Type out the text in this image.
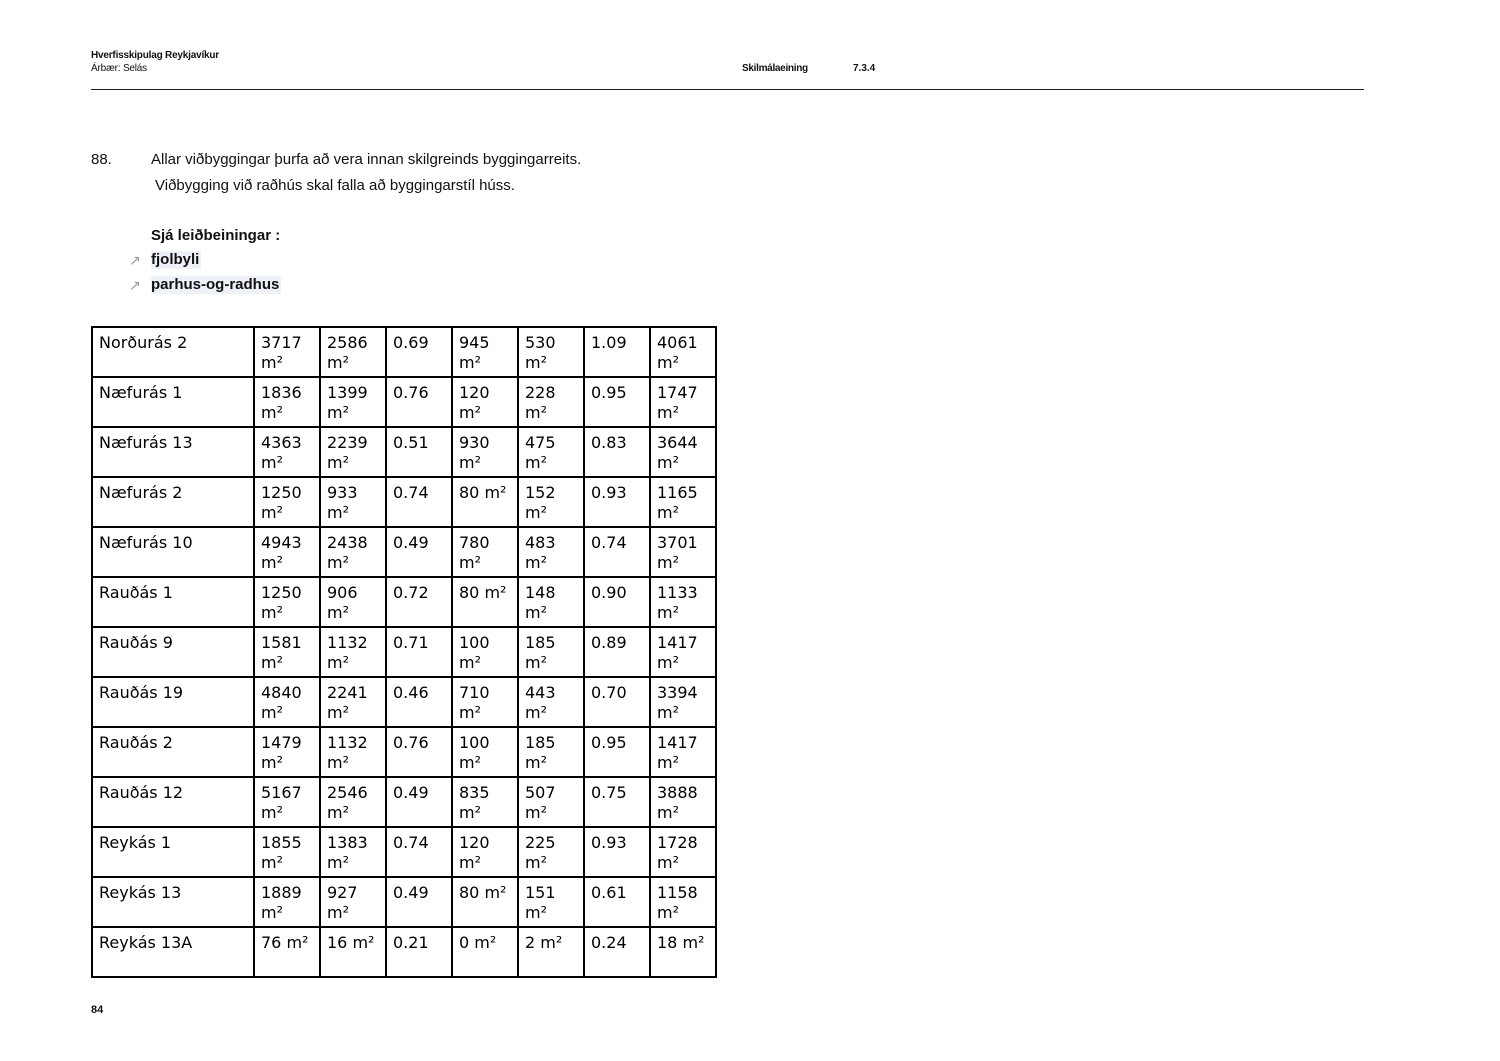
Hverfisskipulag Reykjavíkur
Árbær: Selás	Skilmálaeining	7.3.4
88.	Allar viðbyggingar þurfa að vera innan skilgreinds byggingarreits.
Viðbygging við raðhús skal falla að byggingarstíl húss.
Sjá leiðbeiningar :
↗ fjolbyli
↗ parhus-og-radhus
Norðurás 2	3717 m²	2586 m²	0.69	945 m²	530 m²	1.09	4061 m²
Næfurás 1	1836 m²	1399 m²	0.76	120 m²	228 m²	0.95	1747 m²
Næfurás 13	4363 m²	2239 m²	0.51	930 m²	475 m²	0.83	3644 m²
Næfurás 2	1250 m²	933 m²	0.74	80 m²	152 m²	0.93	1165 m²
Næfurás 10	4943 m²	2438 m²	0.49	780 m²	483 m²	0.74	3701 m²
Rauðás 1	1250 m²	906 m²	0.72	80 m²	148 m²	0.90	1133 m²
Rauðás 9	1581 m²	1132 m²	0.71	100 m²	185 m²	0.89	1417 m²
Rauðás 19	4840 m²	2241 m²	0.46	710 m²	443 m²	0.70	3394 m²
Rauðás 2	1479 m²	1132 m²	0.76	100 m²	185 m²	0.95	1417 m²
Rauðás 12	5167 m²	2546 m²	0.49	835 m²	507 m²	0.75	3888 m²
Reykás 1	1855 m²	1383 m²	0.74	120 m²	225 m²	0.93	1728 m²
Reykás 13	1889 m²	927 m²	0.49	80 m²	151 m²	0.61	1158 m²
Reykás 13A	76 m²	16 m²	0.21	0 m²	2 m²	0.24	18 m²
84
